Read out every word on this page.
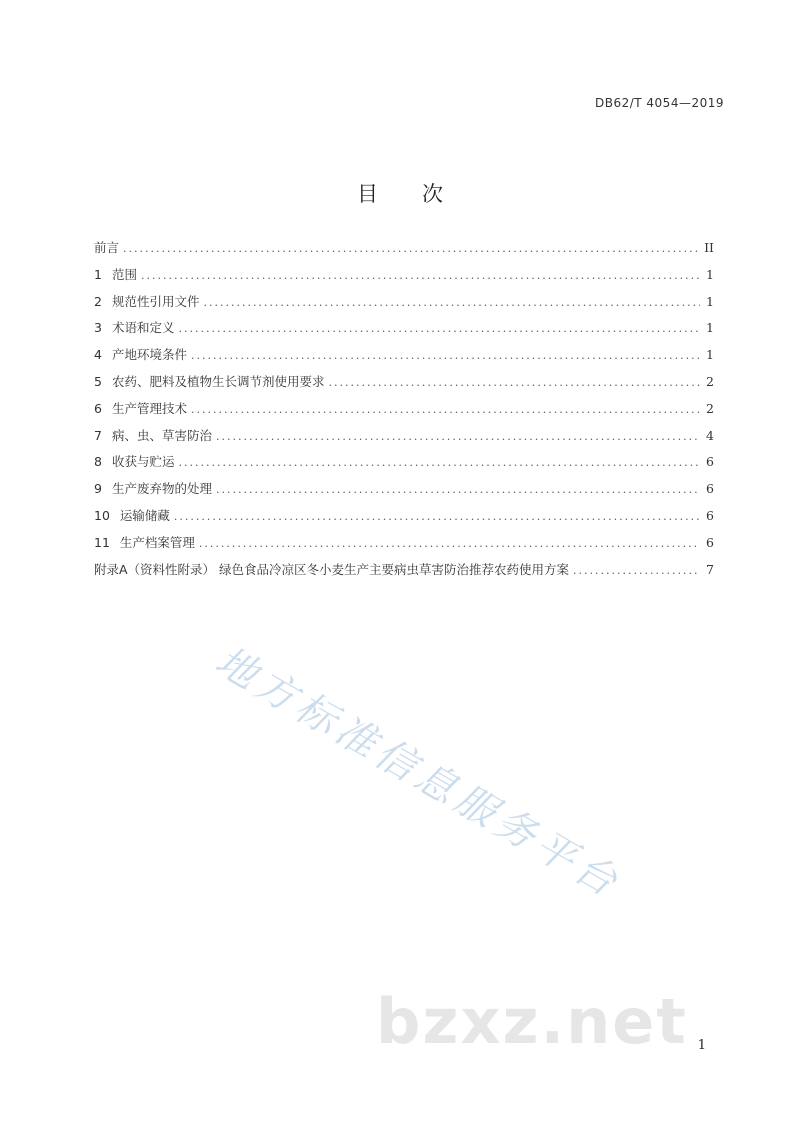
DB62/T 4054—2019
目次
前言 .....	II
1 范围 .....	1
2 规范性引用文件 .....	1
3 术语和定义 .....	1
4 产地环境条件 .....	1
5 农药、肥料及植物生长调节剂使用要求 .....	2
6 生产管理技术 .....	2
7 病、虫、草害防治 .....	4
8 收获与贮运 .....	6
9 生产废弃物的处理 .....	6
10 运输储藏 .....	6
11 生产档案管理 .....	6
附录A（资料性附录） 绿色食品冷凉区冬小麦生产主要病虫草害防治推荐农药使用方案 .....	7
地方标准信息服务平台
bzxz.net 1
